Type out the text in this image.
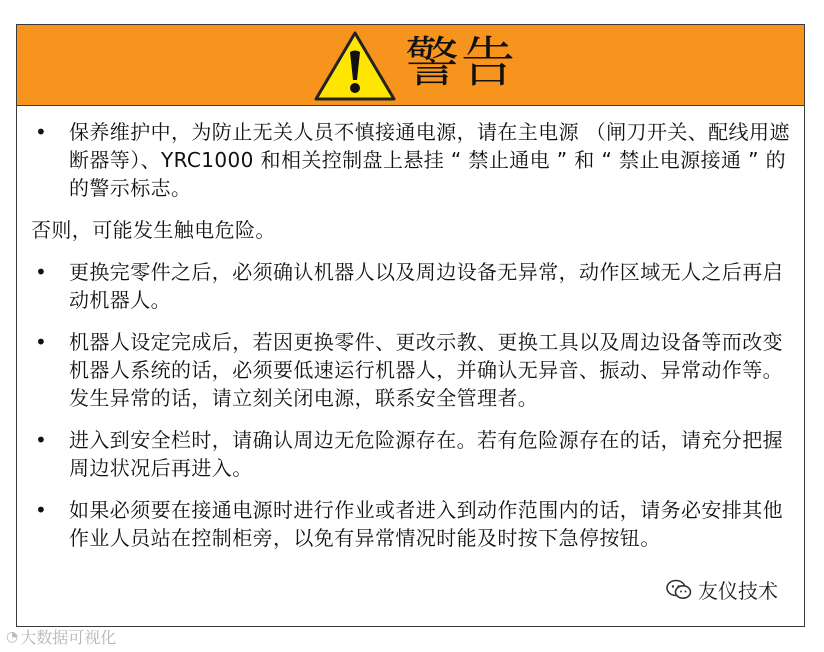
警告
• 保养维护中，为防止无关人员不慎接通电源，请在主电源 （闸刀开关、配线用遮断器等）、YRC1000 和相关控制盘上悬挂 “ 禁止通电 ” 和 “ 禁止电源接通 ” 的的警示标志。
否则，可能发生触电危险。
• 更换完零件之后，必须确认机器人以及周边设备无异常，动作区域无人之后再启动机器人。
• 机器人设定完成后，若因更换零件、更改示教、更换工具以及周边设备等而改变机器人系统的话，必须要低速运行机器人，并确认无异音、振动、异常动作等。发生异常的话，请立刻关闭电源，联系安全管理者。
• 进入到安全栏时，请确认周边无危险源存在。若有危险源存在的话，请充分把握周边状况后再进入。
• 如果必须要在接通电源时进行作业或者进入到动作范围内的话，请务必安排其他作业人员站在控制柜旁，以免有异常情况时能及时按下急停按钮。
友仪技术
◔ 大数据可视化
